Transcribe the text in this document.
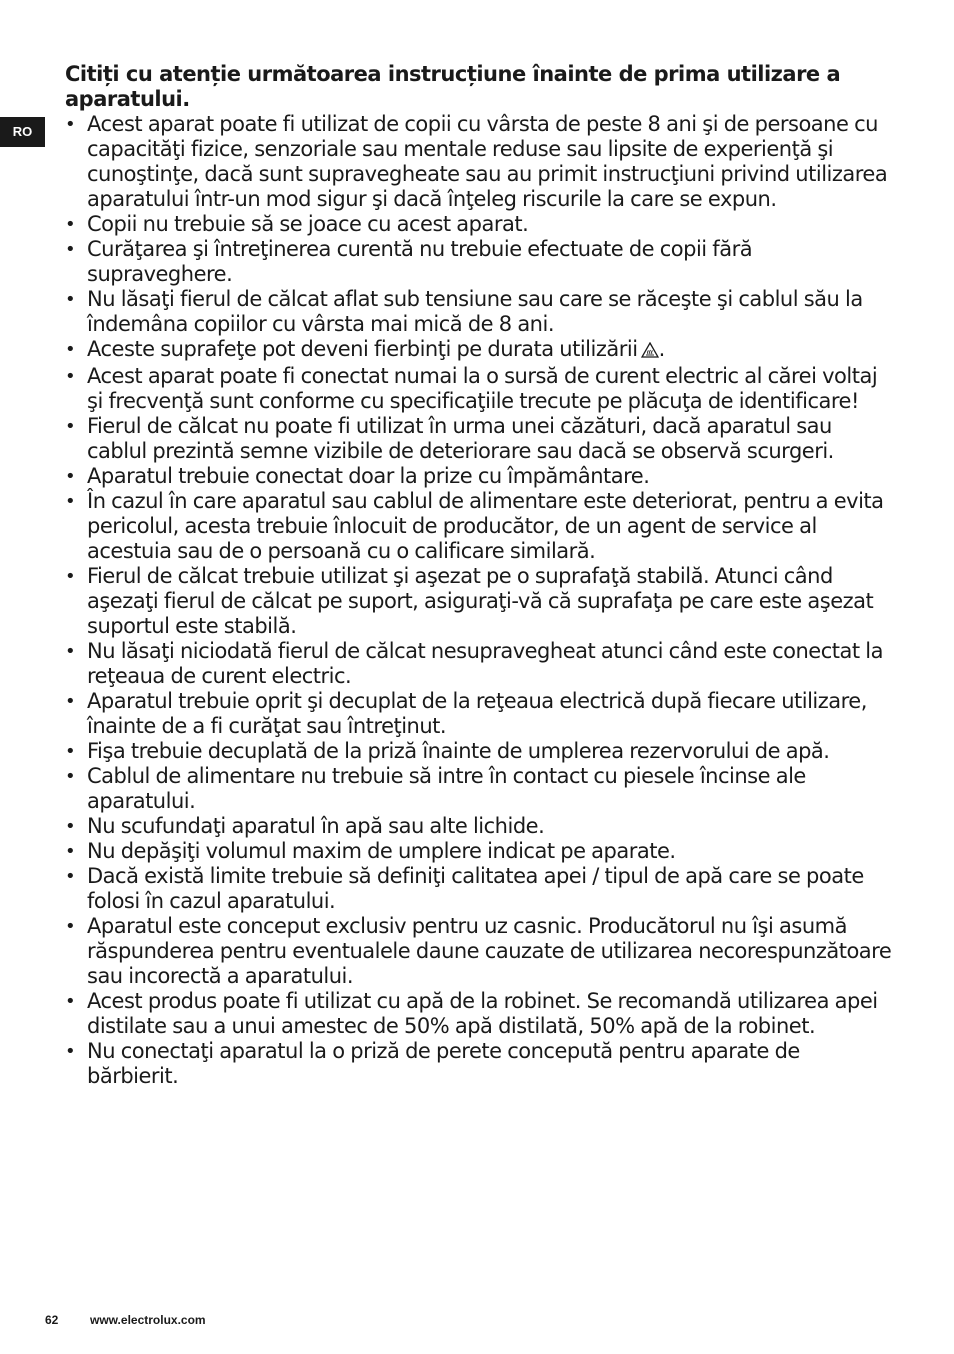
RO
Citiți cu atenție următoarea instrucțiune înainte de prima utilizare a aparatului.
• Acest aparat poate fi utilizat de copii cu vârsta de peste 8 ani şi de persoane cu capacităţi fizice, senzoriale sau mentale reduse sau lipsite de experienţă şi cunoştinţe, dacă sunt supravegheate sau au primit instrucţiuni privind utilizarea aparatului într-un mod sigur şi dacă înţeleg riscurile la care se expun.
• Copii nu trebuie să se joace cu acest aparat.
• Curăţarea şi întreţinerea curentă nu trebuie efectuate de copii fără supraveghere.
• Nu lăsaţi fierul de călcat aflat sub tensiune sau care se răceşte şi cablul său la îndemâna copiilor cu vârsta mai mică de 8 ani.
• Aceste suprafeţe pot deveni fierbinţi pe durata utilizării .
• Acest aparat poate fi conectat numai la o sursă de curent electric al cărei voltaj şi frecvenţă sunt conforme cu specificaţiile trecute pe plăcuţa de identificare!
• Fierul de călcat nu poate fi utilizat în urma unei căzături, dacă aparatul sau cablul prezintă semne vizibile de deteriorare sau dacă se observă scurgeri.
• Aparatul trebuie conectat doar la prize cu împământare.
• În cazul în care aparatul sau cablul de alimentare este deteriorat, pentru a evita pericolul, acesta trebuie înlocuit de producător, de un agent de service al acestuia sau de o persoană cu o calificare similară.
• Fierul de călcat trebuie utilizat şi aşezat pe o suprafaţă stabilă. Atunci când aşezaţi fierul de călcat pe suport, asiguraţi-vă că suprafaţa pe care este aşezat suportul este stabilă.
• Nu lăsaţi niciodată fierul de călcat nesupravegheat atunci când este conectat la reţeaua de curent electric.
• Aparatul trebuie oprit şi decuplat de la reţeaua electrică după fiecare utilizare, înainte de a fi curăţat sau întreţinut.
• Fişa trebuie decuplată de la priză înainte de umplerea rezervorului de apă.
• Cablul de alimentare nu trebuie să intre în contact cu piesele încinse ale aparatului.
• Nu scufundaţi aparatul în apă sau alte lichide.
• Nu depăşiţi volumul maxim de umplere indicat pe aparate.
• Dacă există limite trebuie să definiţi calitatea apei / tipul de apă care se poate folosi în cazul aparatului.
• Aparatul este conceput exclusiv pentru uz casnic. Producătorul nu îşi asumă răspunderea pentru eventualele daune cauzate de utilizarea necorespunzătoare sau incorectă a aparatului.
• Acest produs poate fi utilizat cu apă de la robinet. Se recomandă utilizarea apei distilate sau a unui amestec de 50% apă distilată, 50% apă de la robinet.
• Nu conectaţi aparatul la o priză de perete concepută pentru aparate de bărbierit.
62	www.electrolux.com
